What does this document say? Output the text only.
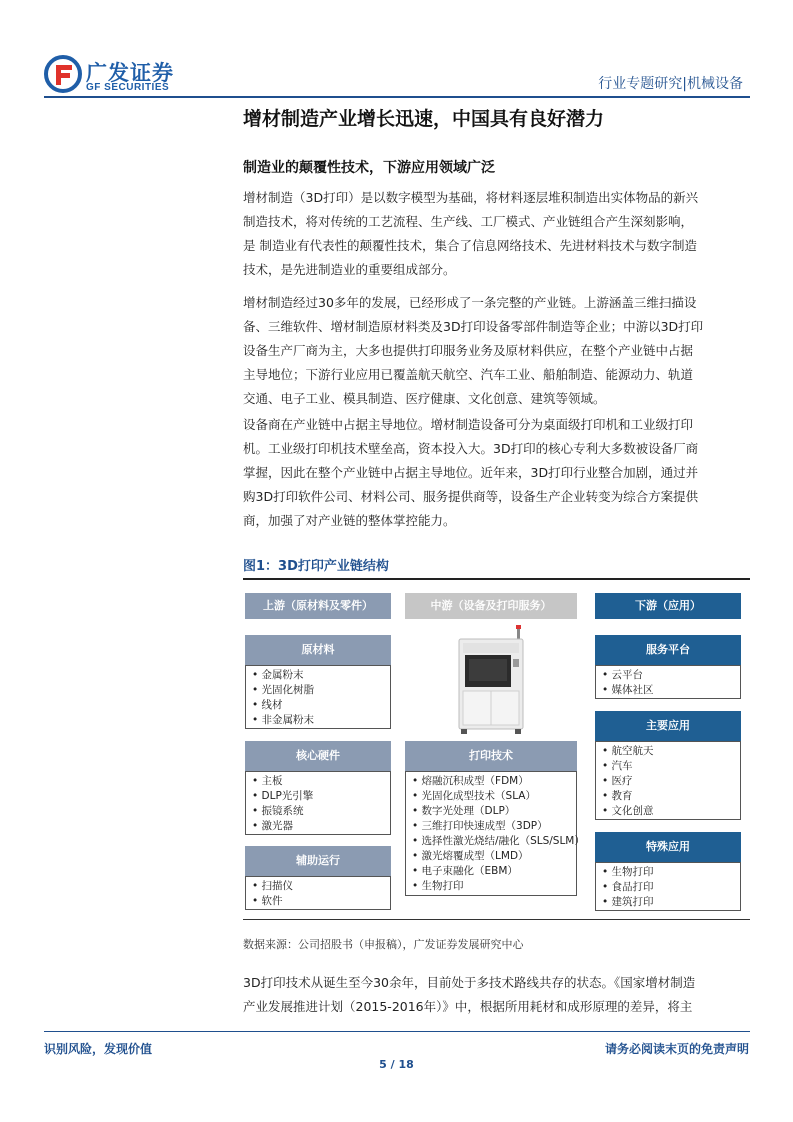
广发证券
GF SECURITIES	行业专题研究|机械设备
增材制造产业增长迅速，中国具有良好潜力
制造业的颠覆性技术，下游应用领域广泛
增材制造（3D打印）是以数字模型为基础，将材料逐层堆积制造出实体物品的新兴
制造技术，将对传统的工艺流程、生产线、工厂模式、产业链组合产生深刻影响，
是 制造业有代表性的颠覆性技术，集合了信息网络技术、先进材料技术与数字制造
技术，是先进制造业的重要组成部分。
增材制造经过30多年的发展，已经形成了一条完整的产业链。上游涵盖三维扫描设
备、三维软件、增材制造原材料类及3D打印设备零部件制造等企业；中游以3D打印
设备生产厂商为主，大多也提供打印服务业务及原材料供应，在整个产业链中占据
主导地位；下游行业应用已覆盖航天航空、汽车工业、船舶制造、能源动力、轨道
交通、电子工业、模具制造、医疗健康、文化创意、建筑等领域。
设备商在产业链中占据主导地位。增材制造设备可分为桌面级打印机和工业级打印
机。工业级打印机技术壁垒高，资本投入大。3D打印的核心专利大多数被设备厂商
掌握，因此在整个产业链中占据主导地位。近年来，3D打印行业整合加剧，通过并
购3D打印软件公司、材料公司、服务提供商等，设备生产企业转变为综合方案提供
商，加强了对产业链的整体掌控能力。
图1：3D打印产业链结构
上游（原材料及零件）	中游（设备及打印服务）	下游（应用）
原材料
• 金属粉末
• 光固化树脂
• 线材
• 非金属粉末
核心硬件
• 主板
• DLP光引擎
• 振镜系统
• 激光器
辅助运行
• 扫描仪
• 软件
打印技术
• 熔融沉积成型（FDM）
• 光固化成型技术（SLA）
• 数字光处理（DLP）
• 三维打印快速成型（3DP）
• 选择性激光烧结/融化（SLS/SLM）
• 激光熔覆成型（LMD）
• 电子束融化（EBM）
• 生物打印
服务平台
• 云平台
• 媒体社区
主要应用
• 航空航天
• 汽车
• 医疗
• 教育
• 文化创意
特殊应用
• 生物打印
• 食品打印
• 建筑打印
数据来源：公司招股书（申报稿），广发证券发展研究中心
3D打印技术从诞生至今30余年，目前处于多技术路线共存的状态。《国家增材制造
产业发展推进计划（2015-2016年）》中，根据所用耗材和成形原理的差异，将主
识别风险，发现价值	请务必阅读末页的免责声明
5 / 18
